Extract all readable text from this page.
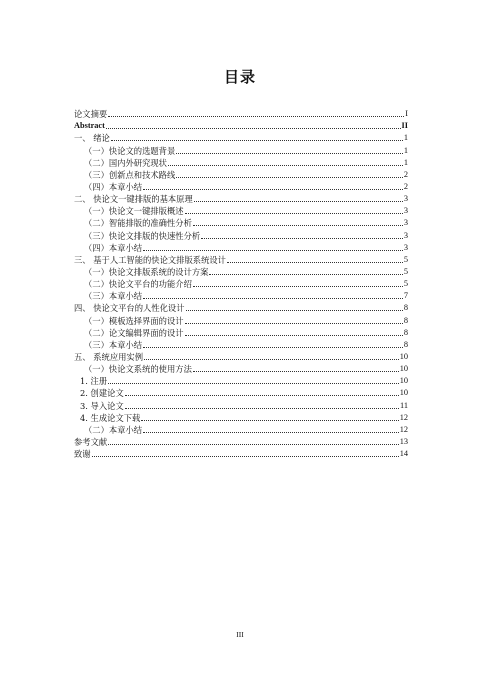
目录
论文摘要	I
Abstract	II
一、 绪论	1
（一）快论文的选题背景	1
（二）国内外研究现状	1
（三）创新点和技术路线	2
（四）本章小结	2
二、 快论文一键排版的基本原理	3
（一）快论文一键排版概述	3
（二）智能排版的准确性分析	3
（三）快论文排版的快速性分析	3
（四）本章小结	3
三、 基于人工智能的快论文排版系统设计	5
（一）快论文排版系统的设计方案	5
（二）快论文平台的功能介绍	5
（三）本章小结	7
四、 快论文平台的人性化设计	8
（一）模板选择界面的设计	8
（二）论文编辑界面的设计	8
（三）本章小结	8
五、 系统应用实例	10
（一）快论文系统的使用方法	10
1. 注册	10
2. 创建论文	10
3. 导入论文	11
4. 生成论文下载	12
（二）本章小结	12
参考文献	13
致谢	14
III
